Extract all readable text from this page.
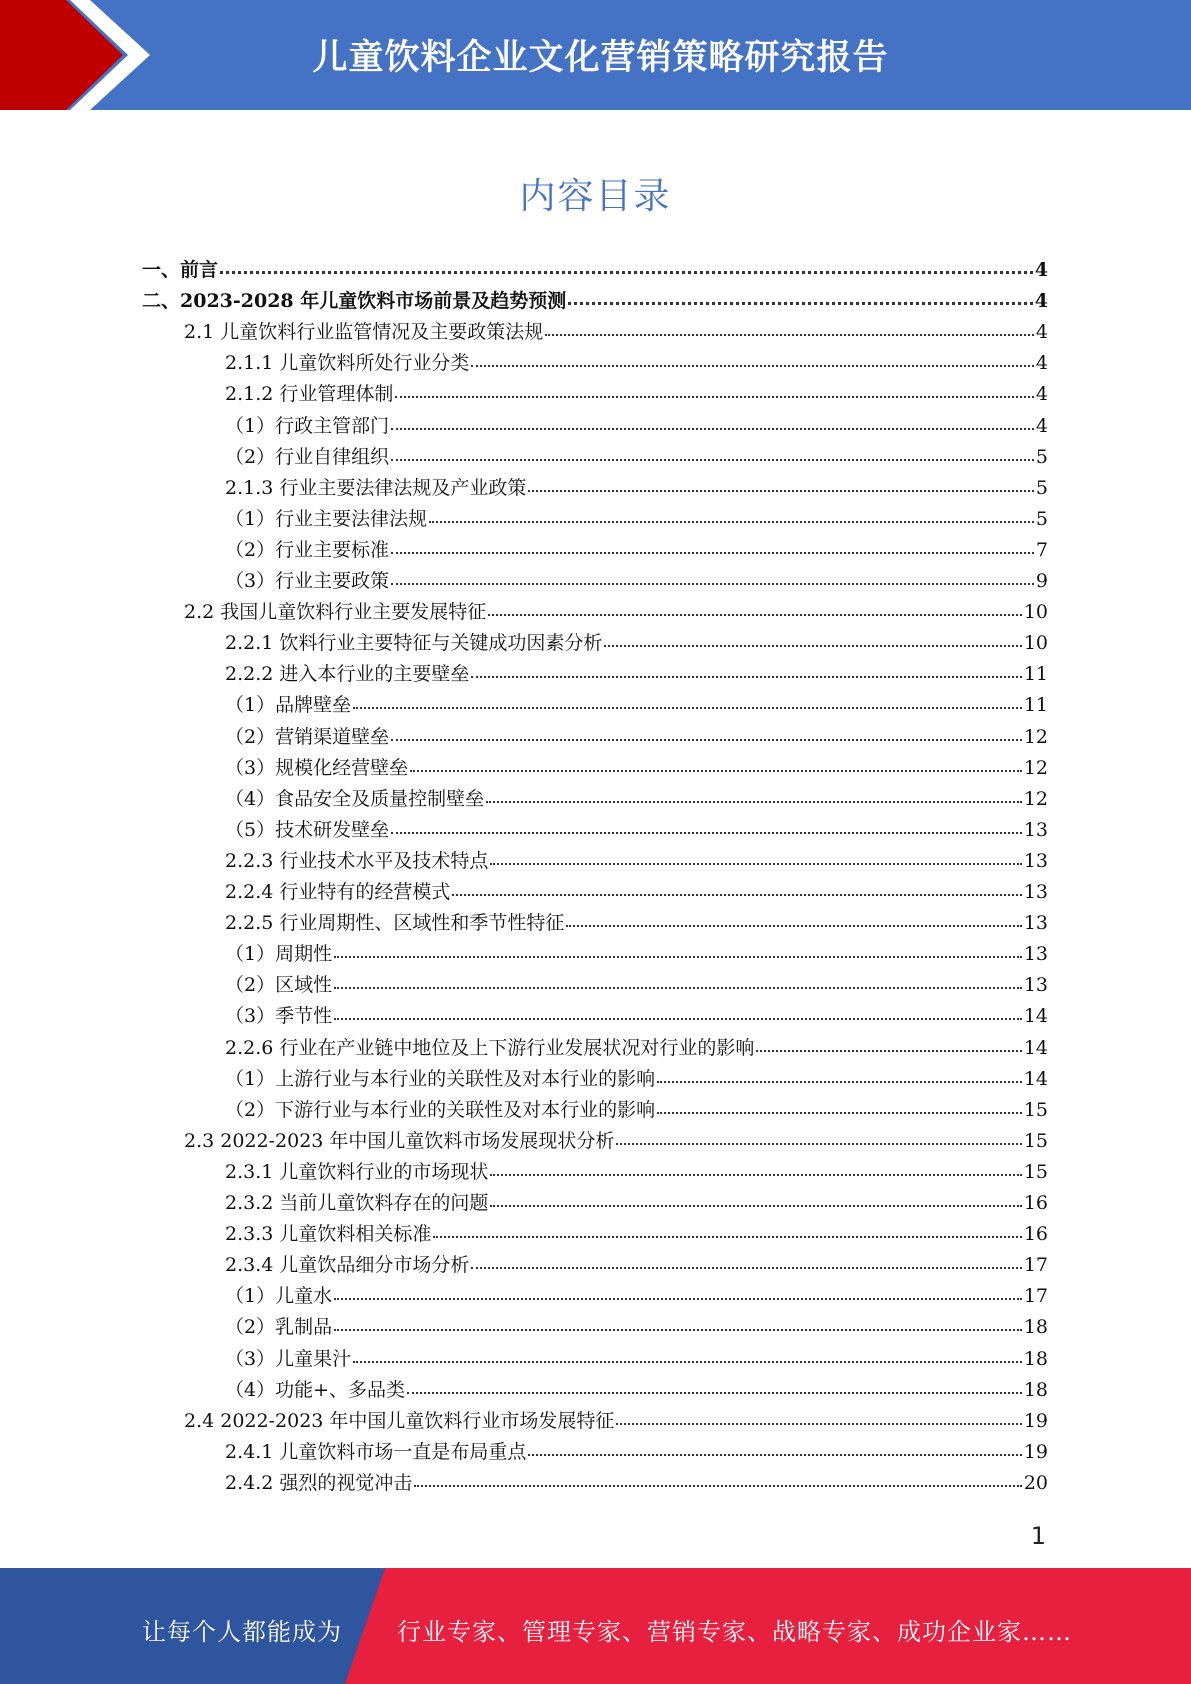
儿童饮料企业文化营销策略研究报告
内容目录
一、前言	4
二、2023-2028 年儿童饮料市场前景及趋势预测	4
2.1 儿童饮料行业监管情况及主要政策法规	4
2.1.1 儿童饮料所处行业分类	4
2.1.2 行业管理体制	4
（1）行政主管部门	4
（2）行业自律组织	5
2.1.3 行业主要法律法规及产业政策	5
（1）行业主要法律法规	5
（2）行业主要标准	7
（3）行业主要政策	9
2.2 我国儿童饮料行业主要发展特征	10
2.2.1 饮料行业主要特征与关键成功因素分析	10
2.2.2 进入本行业的主要壁垒	11
（1）品牌壁垒	11
（2）营销渠道壁垒	12
（3）规模化经营壁垒	12
（4）食品安全及质量控制壁垒	12
（5）技术研发壁垒	13
2.2.3 行业技术水平及技术特点	13
2.2.4 行业特有的经营模式	13
2.2.5 行业周期性、区域性和季节性特征	13
（1）周期性	13
（2）区域性	13
（3）季节性	14
2.2.6 行业在产业链中地位及上下游行业发展状况对行业的影响	14
（1）上游行业与本行业的关联性及对本行业的影响	14
（2）下游行业与本行业的关联性及对本行业的影响	15
2.3 2022-2023 年中国儿童饮料市场发展现状分析	15
2.3.1 儿童饮料行业的市场现状	15
2.3.2 当前儿童饮料存在的问题	16
2.3.3 儿童饮料相关标准	16
2.3.4 儿童饮品细分市场分析	17
（1）儿童水	17
（2）乳制品	18
（3）儿童果汁	18
（4）功能+、多品类	18
2.4 2022-2023 年中国儿童饮料行业市场发展特征	19
2.4.1 儿童饮料市场一直是布局重点	19
2.4.2 强烈的视觉冲击	20
1
让每个人都能成为 行业专家、管理专家、营销专家、战略专家、成功企业家……
